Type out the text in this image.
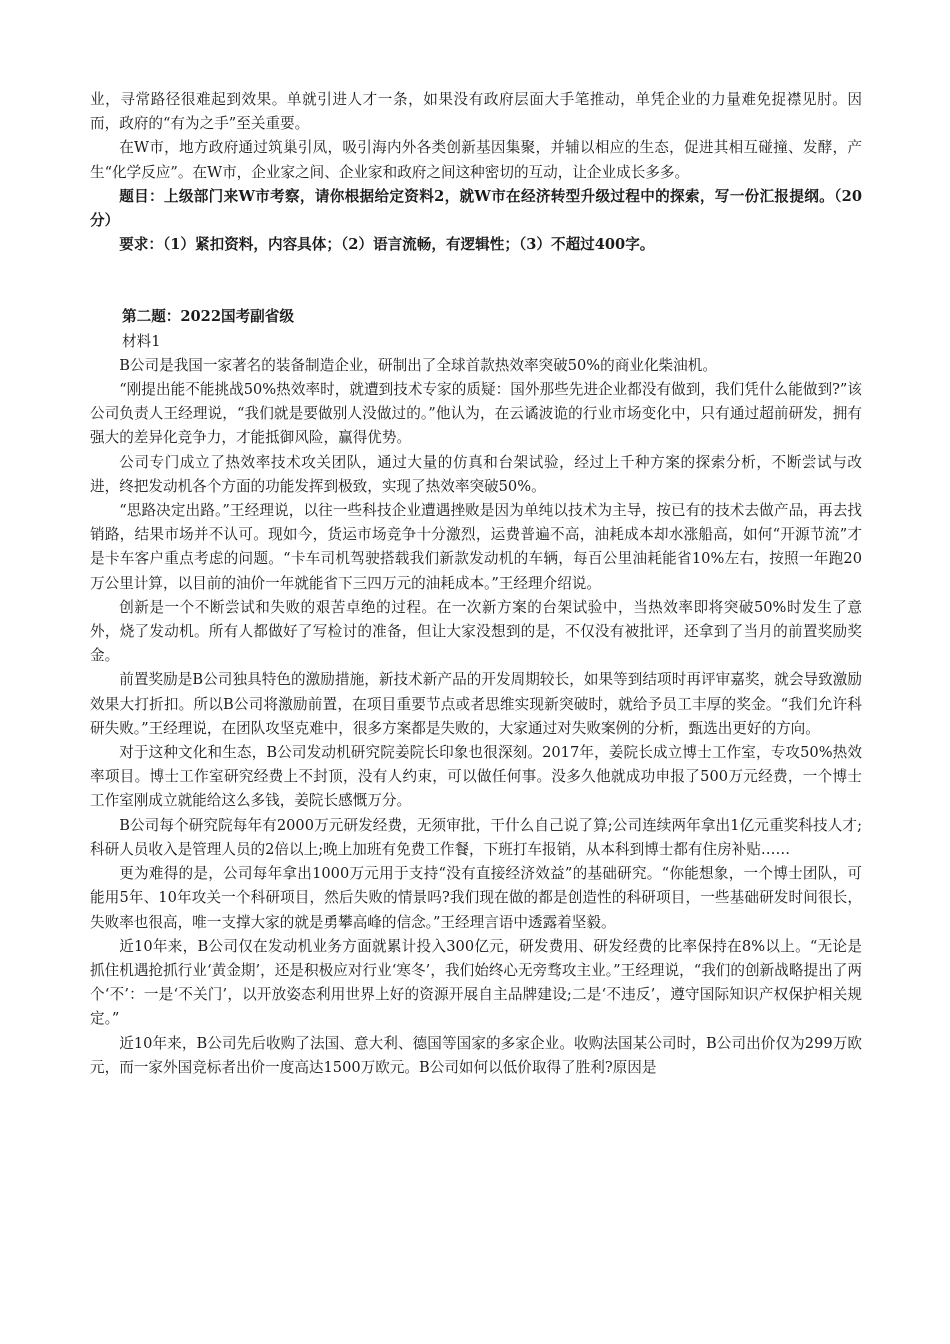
业，寻常路径很难起到效果。单就引进人才一条，如果没有政府层面大手笔推动，单凭企业的力量难免捉襟见肘。因而，政府的“有为之手”至关重要。

在W市，地方政府通过筑巢引凤，吸引海内外各类创新基因集聚，并辅以相应的生态，促进其相互碰撞、发酵，产生“化学反应”。在W市，企业家之间、企业家和政府之间这种密切的互动，让企业成长多多。

题目：上级部门来W市考察，请你根据给定资料2，就W市在经济转型升级过程中的探索，写一份汇报提纲。（20分）

要求：（1）紧扣资料，内容具体；（2）语言流畅，有逻辑性；（3）不超过400字。

第二题：2022国考副省级

材料1

B公司是我国一家著名的装备制造企业，研制出了全球首款热效率突破50%的商业化柴油机。

“刚提出能不能挑战50%热效率时，就遭到技术专家的质疑：国外那些先进企业都没有做到，我们凭什么能做到?”该公司负责人王经理说，“我们就是要做别人没做过的。”他认为，在云谲波诡的行业市场变化中，只有通过超前研发，拥有强大的差异化竞争力，才能抵御风险，赢得优势。

公司专门成立了热效率技术攻关团队，通过大量的仿真和台架试验，经过上千种方案的探索分析，不断尝试与改进，终把发动机各个方面的功能发挥到极致，实现了热效率突破50%。

“思路决定出路。”王经理说，以往一些科技企业遭遇挫败是因为单纯以技术为主导，按已有的技术去做产品，再去找销路，结果市场并不认可。现如今，货运市场竞争十分激烈，运费普遍不高，油耗成本却水涨船高，如何“开源节流”才是卡车客户重点考虑的问题。“卡车司机驾驶搭载我们新款发动机的车辆，每百公里油耗能省10%左右，按照一年跑20万公里计算，以目前的油价一年就能省下三四万元的油耗成本。”王经理介绍说。

创新是一个不断尝试和失败的艰苦卓绝的过程。在一次新方案的台架试验中，当热效率即将突破50%时发生了意外，烧了发动机。所有人都做好了写检讨的准备，但让大家没想到的是，不仅没有被批评，还拿到了当月的前置奖励奖金。

前置奖励是B公司独具特色的激励措施，新技术新产品的开发周期较长，如果等到结项时再评审嘉奖，就会导致激励效果大打折扣。所以B公司将激励前置，在项目重要节点或者思维实现新突破时，就给予员工丰厚的奖金。“我们允许科研失败。”王经理说，在团队攻坚克难中，很多方案都是失败的，大家通过对失败案例的分析，甄选出更好的方向。

对于这种文化和生态，B公司发动机研究院姜院长印象也很深刻。2017年，姜院长成立博士工作室，专攻50%热效率项目。博士工作室研究经费上不封顶，没有人约束，可以做任何事。没多久他就成功申报了500万元经费，一个博士工作室刚成立就能给这么多钱，姜院长感慨万分。

B公司每个研究院每年有2000万元研发经费，无须审批，干什么自己说了算;公司连续两年拿出1亿元重奖科技人才;科研人员收入是管理人员的2倍以上;晚上加班有免费工作餐，下班打车报销，从本科到博士都有住房补贴……

更为难得的是，公司每年拿出1000万元用于支持“没有直接经济效益”的基础研究。“你能想象，一个博士团队，可能用5年、10年攻关一个科研项目，然后失败的情景吗?我们现在做的都是创造性的科研项目，一些基础研发时间很长，失败率也很高，唯一支撑大家的就是勇攀高峰的信念。”王经理言语中透露着坚毅。

近10年来，B公司仅在发动机业务方面就累计投入300亿元，研发费用、研发经费的比率保持在8%以上。“无论是抓住机遇抢抓行业‘黄金期’，还是积极应对行业‘寒冬’，我们始终心无旁骛攻主业。”王经理说，“我们的创新战略提出了两个‘不’：一是‘不关门’，以开放姿态利用世界上好的资源开展自主品牌建设;二是‘不违反’，遵守国际知识产权保护相关规定。”

近10年来，B公司先后收购了法国、意大利、德国等国家的多家企业。收购法国某公司时，B公司出价仅为299万欧元，而一家外国竞标者出价一度高达1500万欧元。B公司如何以低价取得了胜利?原因是
